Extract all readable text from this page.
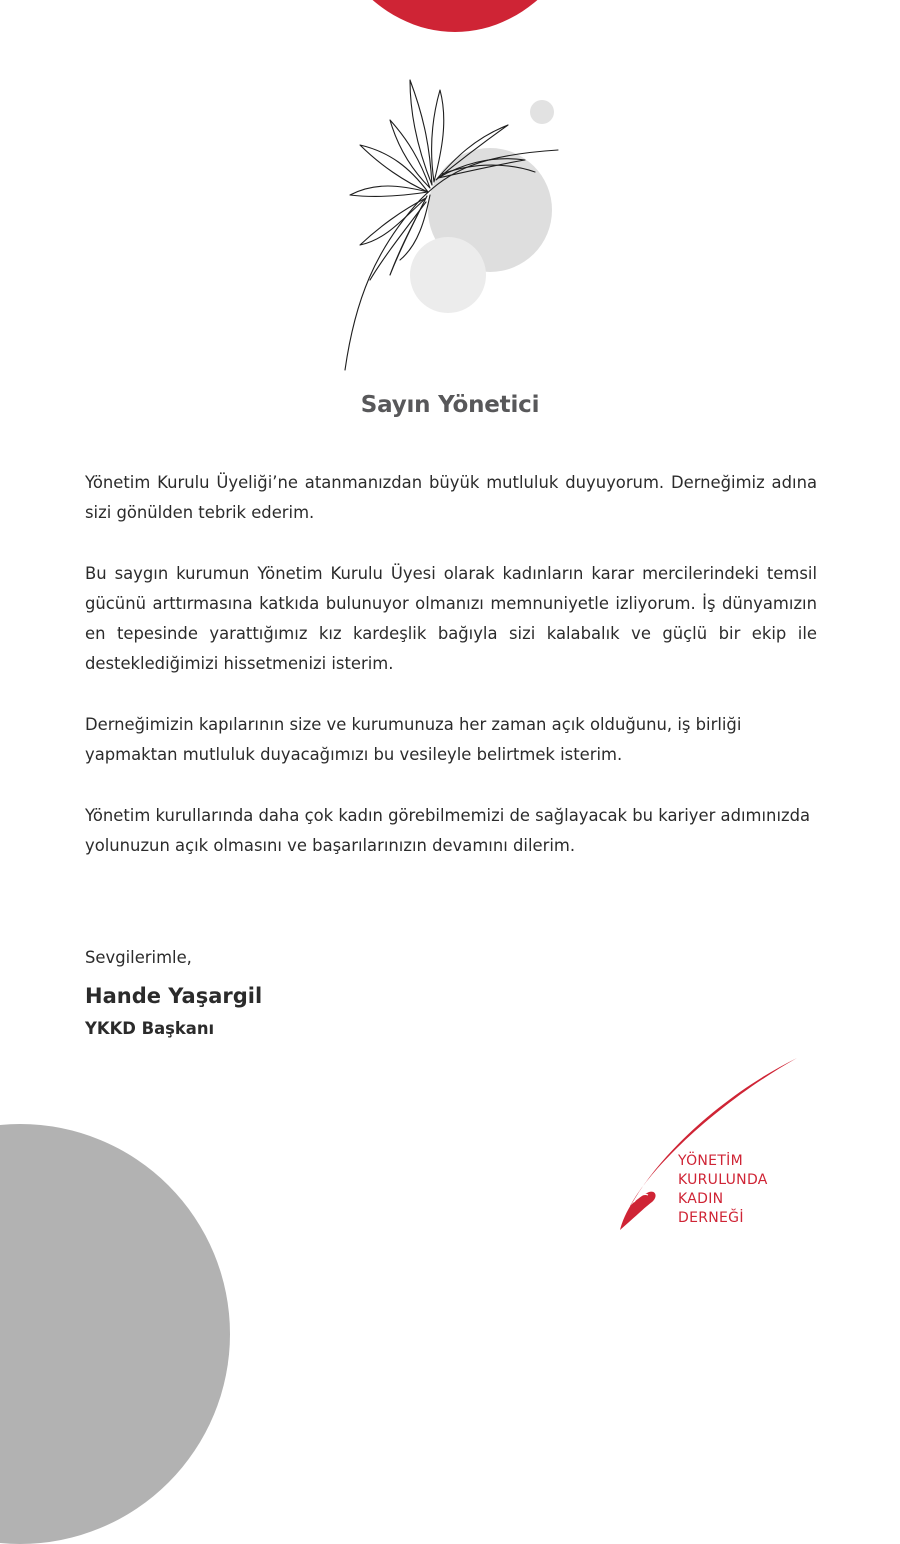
Sayın Yönetici

Yönetim Kurulu Üyeliği’ne atanmanızdan büyük mutluluk duyuyorum. Derneğimiz adına sizi gönülden tebrik ederim.

Bu saygın kurumun Yönetim Kurulu Üyesi olarak kadınların karar mercilerindeki temsil gücünü arttırmasına katkıda bulunuyor olmanızı memnuniyetle izliyorum. İş dünyamızın en tepesinde yarattığımız kız kardeşlik bağıyla sizi kalabalık ve güçlü bir ekip ile desteklediğimizi hissetmenizi isterim.

Derneğimizin kapılarının size ve kurumunuza her zaman açık olduğunu, iş birliği yapmaktan mutluluk duyacağımızı bu vesileyle belirtmek isterim.

Yönetim kurullarında daha çok kadın görebilmemizi de sağlayacak bu kariyer adımınızda yolunuzun açık olmasını ve başarılarınızın devamını dilerim.

Sevgilerimle,
Hande Yaşargil
YKKD Başkanı
YÖNETİM
KURULUNDA
KADIN
DERNEĞİ
